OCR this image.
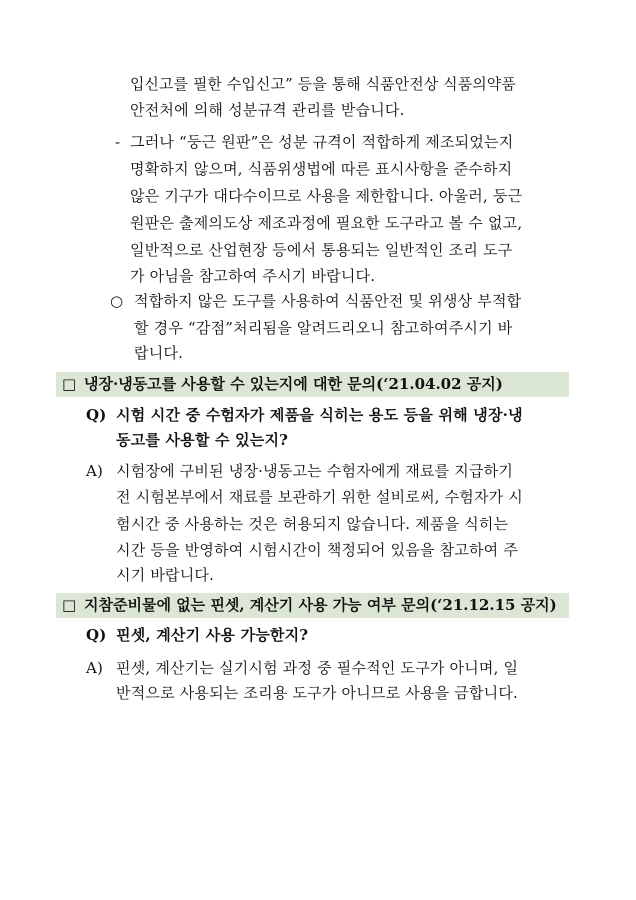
입신고를 필한 수입신고” 등을 통해 식품안전상 식품의약품
안전처에 의해 성분규격 관리를 받습니다.
- 그러나 “둥근 원판”은 성분 규격이 적합하게 제조되었는지
명확하지 않으며, 식품위생법에 따른 표시사항을 준수하지
않은 기구가 대다수이므로 사용을 제한합니다. 아울러, 둥근
원판은 출제의도상 제조과정에 필요한 도구라고 볼 수 없고,
일반적으로 산업현장 등에서 통용되는 일반적인 조리 도구
가 아님을 참고하여 주시기 바랍니다.
○ 적합하지 않은 도구를 사용하여 식품안전 및 위생상 부적합
할 경우 “감점”처리됨을 알려드리오니 참고하여주시기 바
랍니다.
□ 냉장·냉동고를 사용할 수 있는지에 대한 문의(‘21.04.02 공지)
Q) 시험 시간 중 수험자가 제품을 식히는 용도 등을 위해 냉장·냉
동고를 사용할 수 있는지?
A) 시험장에 구비된 냉장·냉동고는 수험자에게 재료를 지급하기
전 시험본부에서 재료를 보관하기 위한 설비로써, 수험자가 시
험시간 중 사용하는 것은 허용되지 않습니다. 제품을 식히는
시간 등을 반영하여 시험시간이 책정되어 있음을 참고하여 주
시기 바랍니다.
□ 지참준비물에 없는 핀셋, 계산기 사용 가능 여부 문의(‘21.12.15 공지)
Q) 핀셋, 계산기 사용 가능한지?
A) 핀셋, 계산기는 실기시험 과정 중 필수적인 도구가 아니며, 일
반적으로 사용되는 조리용 도구가 아니므로 사용을 금합니다.
